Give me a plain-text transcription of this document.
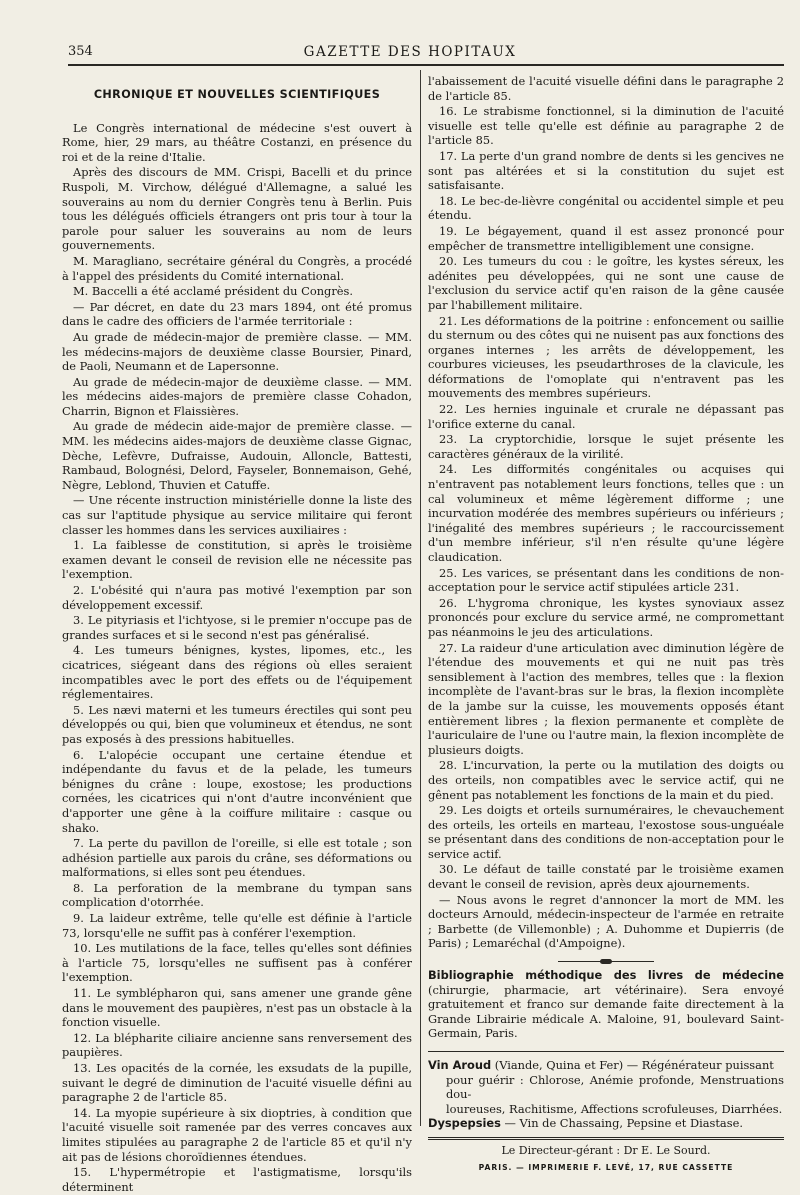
354	GAZETTE DES HOPITAUX
CHRONIQUE ET NOUVELLES SCIENTIFIQUES

Le Congrès international de médecine s'est ouvert à Rome, hier, 29 mars, au théâtre Costanzi, en présence du roi et de la reine d'Italie.

Après des discours de MM. Crispi, Bacelli et du prince Ruspoli, M. Virchow, délégué d'Allemagne, a salué les souverains au nom du dernier Congrès tenu à Berlin. Puis tous les délégués officiels étrangers ont pris tour à tour la parole pour saluer les souverains au nom de leurs gouvernements.

M. Maragliano, secrétaire général du Congrès, a procédé à l'appel des présidents du Comité international.

M. Baccelli a été acclamé président du Congrès.

— Par décret, en date du 23 mars 1894, ont été promus dans le cadre des officiers de l'armée territoriale :

Au grade de médecin-major de première classe. — MM. les médecins-majors de deuxième classe Boursier, Pinard, de Paoli, Neumann et de Lapersonne.

Au grade de médecin-major de deuxième classe. — MM. les médecins aides-majors de première classe Cohadon, Charrin, Bignon et Flaissières.

Au grade de médecin aide-major de première classe. — MM. les médecins aides-majors de deuxième classe Gignac, Dèche, Lefèvre, Dufraisse, Audouin, Alloncle, Battesti, Rambaud, Bolognési, Delord, Fayseler, Bonnemaison, Gehé, Nègre, Leblond, Thuvien et Catuffe.

— Une récente instruction ministérielle donne la liste des cas sur l'aptitude physique au service militaire qui feront classer les hommes dans les services auxiliaires :

1. La faiblesse de constitution, si après le troisième examen devant le conseil de revision elle ne nécessite pas l'exemption.

2. L'obésité qui n'aura pas motivé l'exemption par son développement excessif.

3. Le pityriasis et l'ichtyose, si le premier n'occupe pas de grandes surfaces et si le second n'est pas généralisé.

4. Les tumeurs bénignes, kystes, lipomes, etc., les cicatrices, siégeant dans des régions où elles seraient incompatibles avec le port des effets ou de l'équipement réglementaires.

5. Les nævi materni et les tumeurs érectiles qui sont peu développés ou qui, bien que volumineux et étendus, ne sont pas exposés à des pressions habituelles.

6. L'alopécie occupant une certaine étendue et indépendante du favus et de la pelade, les tumeurs bénignes du crâne : loupe, exostose; les productions cornées, les cicatrices qui n'ont d'autre inconvénient que d'apporter une gêne à la coiffure militaire : casque ou shako.

7. La perte du pavillon de l'oreille, si elle est totale ; son adhésion partielle aux parois du crâne, ses déformations ou malformations, si elles sont peu étendues.

8. La perforation de la membrane du tympan sans complication d'otorrhée.

9. La laideur extrême, telle qu'elle est définie à l'article 73, lorsqu'elle ne suffit pas à conférer l'exemption.

10. Les mutilations de la face, telles qu'elles sont définies à l'article 75, lorsqu'elles ne suffisent pas à conférer l'exemption.

11. Le symblépharon qui, sans amener une grande gêne dans le mouvement des paupières, n'est pas un obstacle à la fonction visuelle.

12. La blépharite ciliaire ancienne sans renversement des paupières.

13. Les opacités de la cornée, les exsudats de la pupille, suivant le degré de diminution de l'acuité visuelle défini au paragraphe 2 de l'article 85.

14. La myopie supérieure à six dioptries, à condition que l'acuité visuelle soit ramenée par des verres concaves aux limites stipulées au paragraphe 2 de l'article 85 et qu'il n'y ait pas de lésions choroïdiennes étendues.

15. L'hypermétropie et l'astigmatisme, lorsqu'ils déterminent

l'abaissement de l'acuité visuelle défini dans le paragraphe 2 de l'article 85.

16. Le strabisme fonctionnel, si la diminution de l'acuité visuelle est telle qu'elle est définie au paragraphe 2 de l'article 85.

17. La perte d'un grand nombre de dents si les gencives ne sont pas altérées et si la constitution du sujet est satisfaisante.

18. Le bec-de-lièvre congénital ou accidentel simple et peu étendu.

19. Le bégayement, quand il est assez prononcé pour empêcher de transmettre intelligiblement une consigne.

20. Les tumeurs du cou : le goître, les kystes séreux, les adénites peu développées, qui ne sont une cause de l'exclusion du service actif qu'en raison de la gêne causée par l'habillement militaire.

21. Les déformations de la poitrine : enfoncement ou saillie du sternum ou des côtes qui ne nuisent pas aux fonctions des organes internes ; les arrêts de développement, les courbures vicieuses, les pseudarthroses de la clavicule, les déformations de l'omoplate qui n'entravent pas les mouvements des membres supérieurs.

22. Les hernies inguinale et crurale ne dépassant pas l'orifice externe du canal.

23. La cryptorchidie, lorsque le sujet présente les caractères généraux de la virilité.

24. Les difformités congénitales ou acquises qui n'entravent pas notablement leurs fonctions, telles que : un cal volumineux et même légèrement difforme ; une incurvation modérée des membres supérieurs ou inférieurs ; l'inégalité des membres supérieurs ; le raccourcissement d'un membre inférieur, s'il n'en résulte qu'une légère claudication.

25. Les varices, se présentant dans les conditions de non-acceptation pour le service actif stipulées article 231.

26. L'hygroma chronique, les kystes synoviaux assez prononcés pour exclure du service armé, ne compromettant pas néanmoins le jeu des articulations.

27. La raideur d'une articulation avec diminution légère de l'étendue des mouvements et qui ne nuit pas très sensiblement à l'action des membres, telles que : la flexion incomplète de l'avant-bras sur le bras, la flexion incomplète de la jambe sur la cuisse, les mouvements opposés étant entièrement libres ; la flexion permanente et complète de l'auriculaire de l'une ou l'autre main, la flexion incomplète de plusieurs doigts.

28. L'incurvation, la perte ou la mutilation des doigts ou des orteils, non compatibles avec le service actif, qui ne gênent pas notablement les fonctions de la main et du pied.

29. Les doigts et orteils surnuméraires, le chevauchement des orteils, les orteils en marteau, l'exostose sous-unguéale se présentant dans des conditions de non-acceptation pour le service actif.

30. Le défaut de taille constaté par le troisième examen devant le conseil de revision, après deux ajournements.

— Nous avons le regret d'annoncer la mort de MM. les docteurs Arnould, médecin-inspecteur de l'armée en retraite ; Barbette (de Villemonble) ; A. Duhomme et Dupierris (de Paris) ; Lemaréchal (d'Ampoigne).

Bibliographie méthodique des livres de médecine (chirurgie, pharmacie, art vétérinaire). Sera envoyé gratuitement et franco sur demande faite directement à la Grande Librairie médicale A. Maloine, 91, boulevard Saint-Germain, Paris.

Vin Aroud (Viande, Quina et Fer) — Régénérateur puissant

pour guérir : Chlorose, Anémie profonde, Menstruations dou-

loureuses, Rachitisme, Affections scrofuleuses, Diarrhées.

Dyspepsies — Vin de Chassaing, Pepsine et Diastase.

Le Directeur-gérant : Dr E. Le Sourd.
PARIS. — IMPRIMERIE F. LEVÉ, 17, RUE CASSETTE
